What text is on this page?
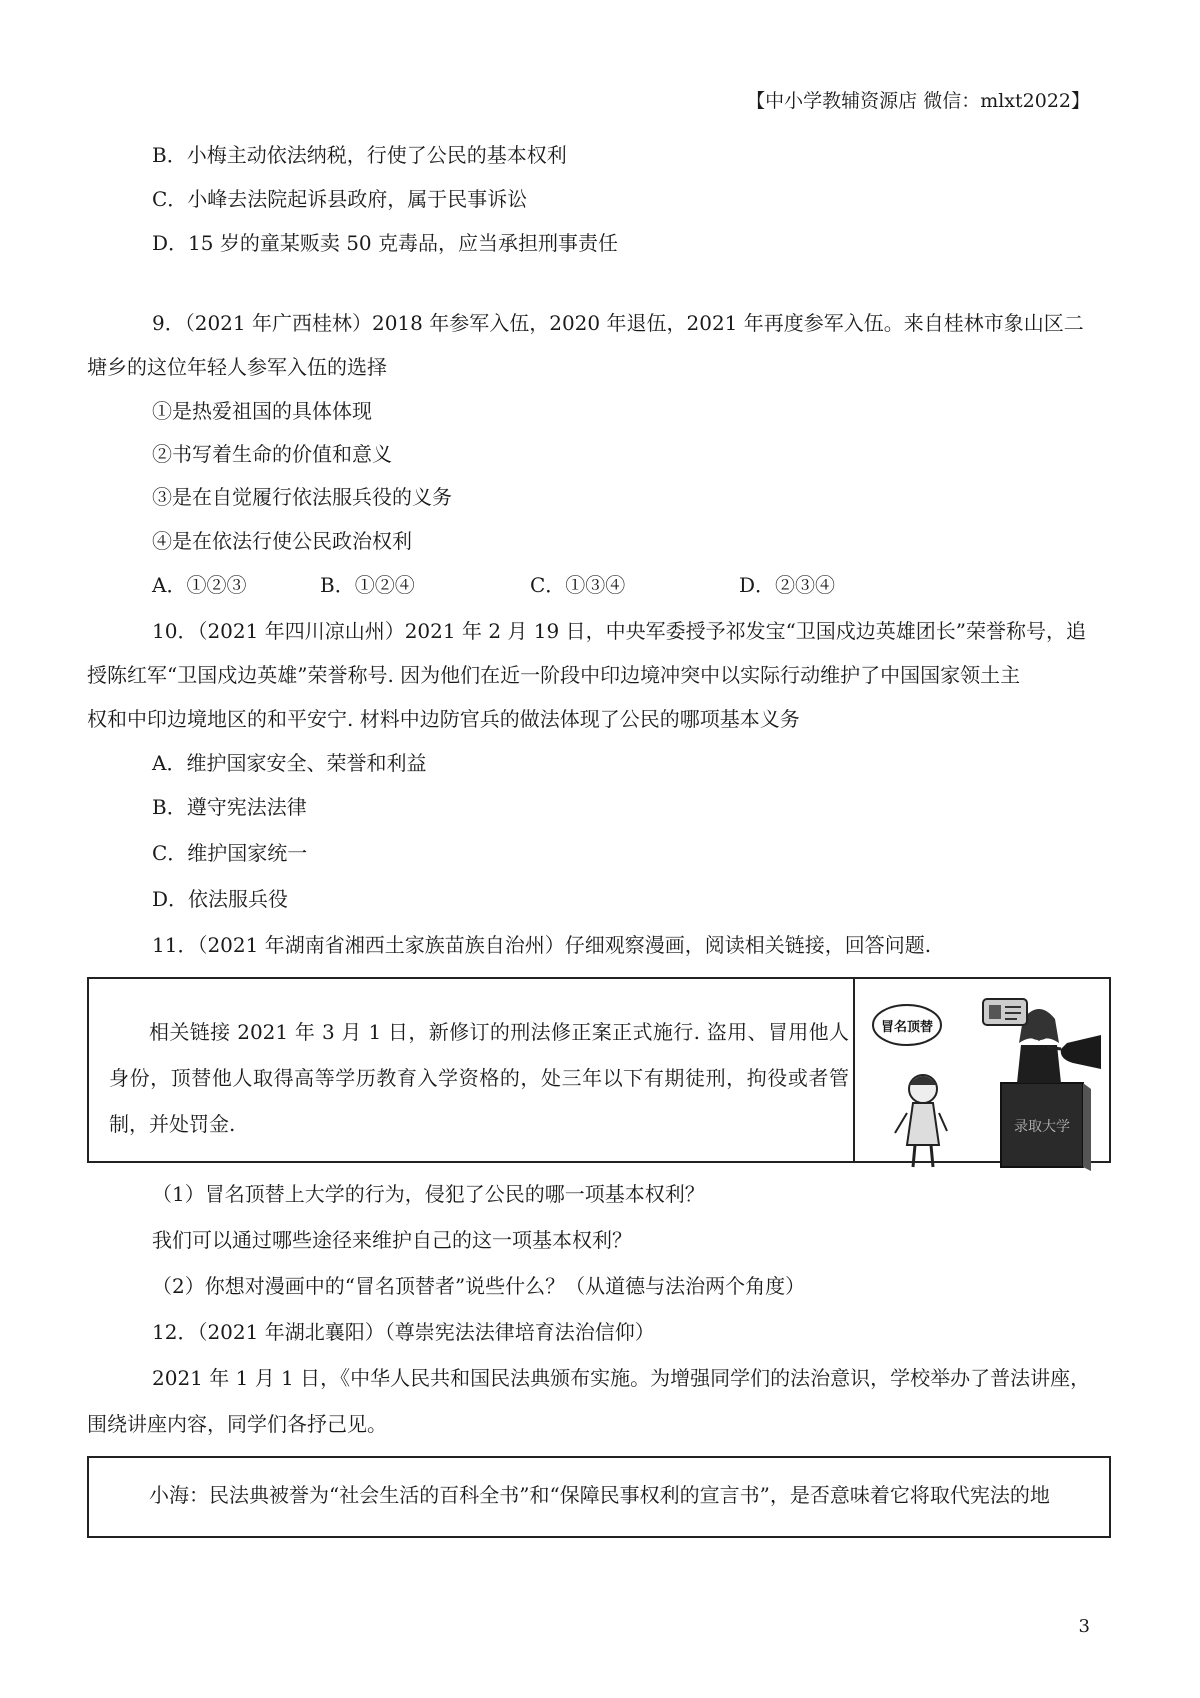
【中小学教辅资源店 微信：mlxt2022】
B．小梅主动依法纳税，行使了公民的基本权利
C．小峰去法院起诉县政府，属于民事诉讼
D．15 岁的童某贩卖 50 克毒品，应当承担刑事责任
9．（2021 年广西桂林）2018 年参军入伍，2020 年退伍，2021 年再度参军入伍。来自桂林市象山区二
塘乡的这位年轻人参军入伍的选择
①是热爱祖国的具体体现
②书写着生命的价值和意义
③是在自觉履行依法服兵役的义务
④是在依法行使公民政治权利
A．①②③	B．①②④	C．①③④	D．②③④
10．（2021 年四川凉山州）2021 年 2 月 19 日，中央军委授予祁发宝“卫国戍边英雄团长”荣誉称号，追
授陈红军“卫国戍边英雄”荣誉称号. 因为他们在近一阶段中印边境冲突中以实际行动维护了中国国家领土主
权和中印边境地区的和平安宁. 材料中边防官兵的做法体现了公民的哪项基本义务
A．维护国家安全、荣誉和利益
B．遵守宪法法律
C．维护国家统一
D．依法服兵役
11．（2021 年湖南省湘西土家族苗族自治州）仔细观察漫画，阅读相关链接，回答问题.
相关链接 2021 年 3 月 1 日，新修订的刑法修正案正式施行. 盗用、冒用他人身份，顶替他人取得高等学历教育入学资格的，处三年以下有期徒刑，拘役或者管制，并处罚金.
冒名顶替
录取大学
（1）冒名顶替上大学的行为，侵犯了公民的哪一项基本权利？
我们可以通过哪些途径来维护自己的这一项基本权利？
（2）你想对漫画中的“冒名顶替者”说些什么？（从道德与法治两个角度）
12．（2021 年湖北襄阳）（尊崇宪法法律培育法治信仰）
2021 年 1 月 1 日，《中华人民共和国民法典颁布实施。为增强同学们的法治意识，学校举办了普法讲座，
围绕讲座内容，同学们各抒己见。
小海：民法典被誉为“社会生活的百科全书”和“保障民事权利的宣言书”，是否意味着它将取代宪法的地
3
